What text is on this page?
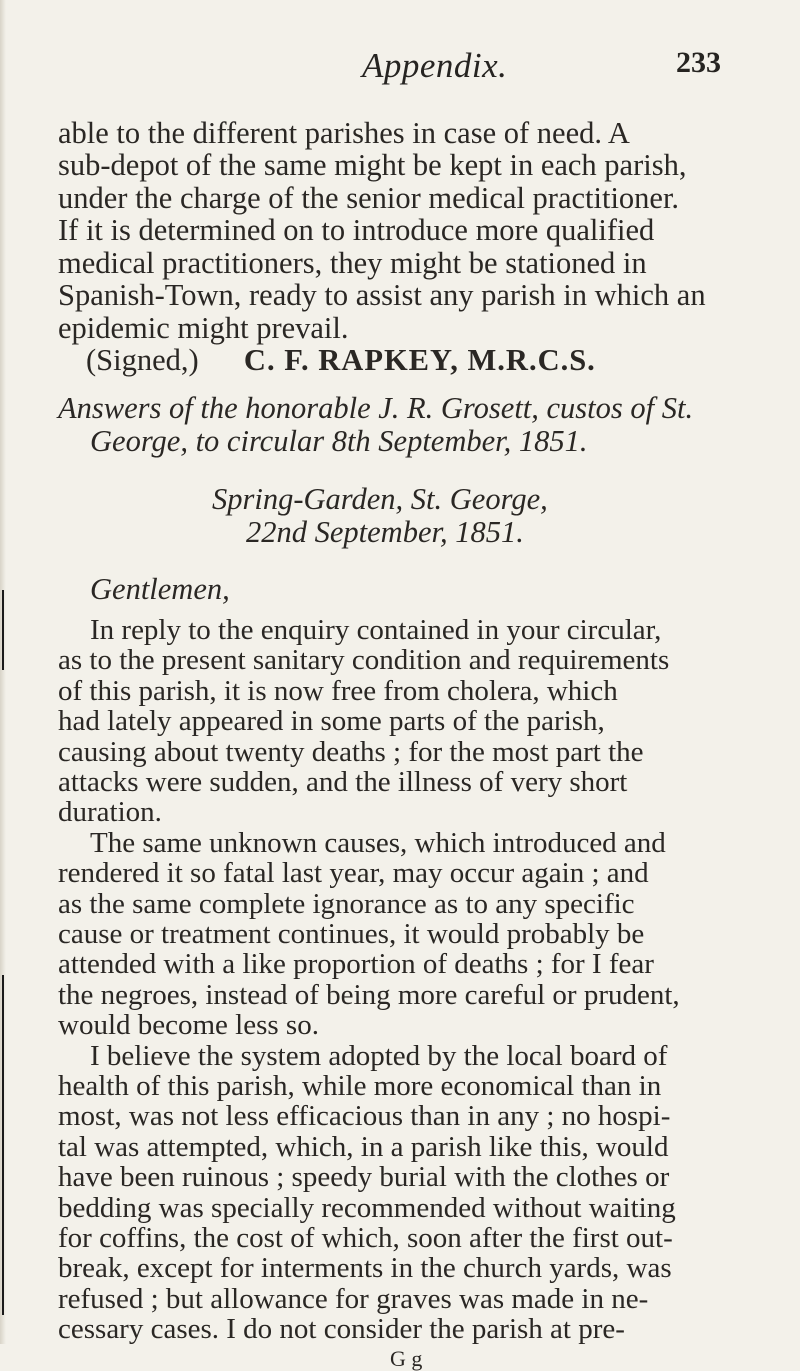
Appendix.	233
able to the different parishes in case of need. A
sub-depot of the same might be kept in each parish,
under the charge of the senior medical practitioner.
If it is determined on to introduce more qualified
medical practitioners, they might be stationed in
Spanish-Town, ready to assist any parish in which an
epidemic might prevail.
(Signed,) C. F. RAPKEY, M.R.C.S.
Answers of the honorable J. R. Grosett, custos of St.
George, to circular 8th September, 1851.
Spring-Garden, St. George,
22nd September, 1851.
Gentlemen,
In reply to the enquiry contained in your circular,
as to the present sanitary condition and requirements
of this parish, it is now free from cholera, which
had lately appeared in some parts of the parish,
causing about twenty deaths ; for the most part the
attacks were sudden, and the illness of very short
duration.
The same unknown causes, which introduced and
rendered it so fatal last year, may occur again ; and
as the same complete ignorance as to any specific
cause or treatment continues, it would probably be
attended with a like proportion of deaths ; for I fear
the negroes, instead of being more careful or prudent,
would become less so.
I believe the system adopted by the local board of
health of this parish, while more economical than in
most, was not less efficacious than in any ; no hospi-
tal was attempted, which, in a parish like this, would
have been ruinous ; speedy burial with the clothes or
bedding was specially recommended without waiting
for coffins, the cost of which, soon after the first out-
break, except for interments in the church yards, was
refused ; but allowance for graves was made in ne-
cessary cases. I do not consider the parish at pre-
G g
